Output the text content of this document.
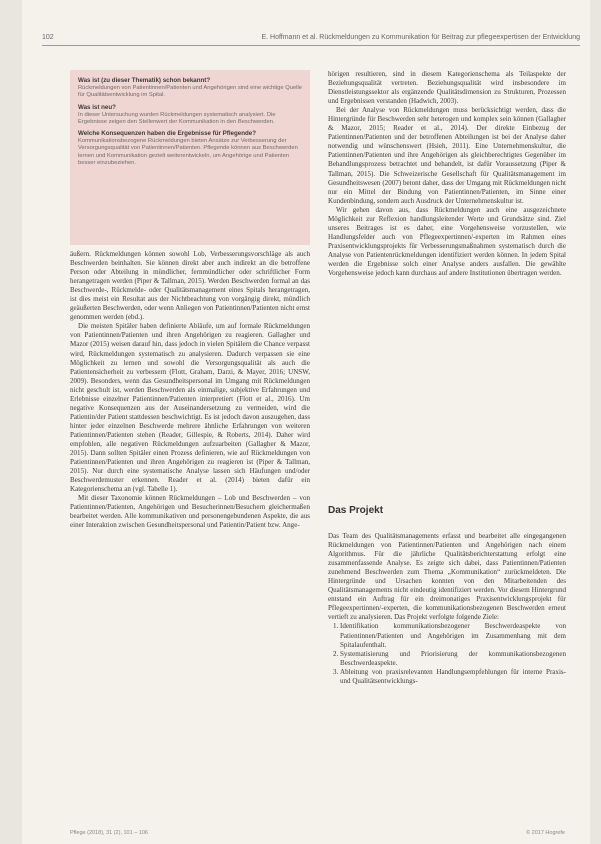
102	E. Hoffmann et al. Rückmeldungen zu Kommunikation für Beitrag zur pflegeexpertisen der Entwicklung

Was ist (zu dieser Thematik) schon bekannt?

Rückmeldungen von Patientinnen/Patienten und Angehörigen sind eine wichtige Quelle für Qualitätsentwicklung im Spital.

Was ist neu?

In dieser Untersuchung wurden Rückmeldungen systematisch analysiert. Die Ergebnisse zeigen den Stellenwert der Kommunikation in den Beschwerden.

Welche Konsequenzen haben die Ergebnisse für Pflegende?

Kommunikationsbezogene Rückmeldungen bieten Ansätze zur Verbesserung der Versorgungsqualität von Patientinnen/Patienten. Pflegende können aus Beschwerden lernen und Kommunikation gezielt weiterentwickeln, um Angehörige und Patienten besser einzubeziehen.

äußern. Rückmeldungen können sowohl Lob, Verbesserungsvorschläge als auch Beschwerden beinhalten. Sie können direkt aber auch indirekt an die betroffene Person oder Abteilung in mündlicher, fernmündlicher oder schriftlicher Form herangetragen werden (Piper & Tallman, 2015). Werden Beschwerden formal an das Beschwerde-, Rückmelde- oder Qualitätsmanagement eines Spitals herangetragen, ist dies meist ein Resultat aus der Nichtbeachtung von vorgängig direkt, mündlich geäußerten Beschwerden, oder wenn Anliegen von Patientinnen/Patienten nicht ernst genommen werden (ebd.).

Die meisten Spitäler haben definierte Abläufe, um auf formale Rückmeldungen von Patientinnen/Patienten und ihren Angehörigen zu reagieren. Gallagher und Mazor (2015) weisen darauf hin, dass jedoch in vielen Spitälern die Chance verpasst wird, Rückmeldungen systematisch zu analysieren. Dadurch verpassen sie eine Möglichkeit zu lernen und sowohl die Versorgungsqualität als auch die Patientensicherheit zu verbessern (Flott, Graham, Darzi, & Mayer, 2016; UNSW, 2009). Besonders, wenn das Gesundheitspersonal im Umgang mit Rückmeldungen nicht geschult ist, werden Beschwerden als einmalige, subjektive Erfahrungen und Erlebnisse einzelner Patientinnen/Patienten interpretiert (Flott et al., 2016). Um negative Konsequenzen aus der Auseinandersetzung zu vermeiden, wird die Patientin/der Patient stattdessen beschwichtigt. Es ist jedoch davon auszugehen, dass hinter jeder einzelnen Beschwerde mehrere ähnliche Erfahrungen von weiteren Patientinnen/Patienten stehen (Reader, Gillespie, & Roberts, 2014). Daher wird empfohlen, alle negativen Rückmeldungen aufzuarbeiten (Gallagher & Mazor, 2015). Dann sollten Spitäler einen Prozess definieren, wie auf Rückmeldungen von Patientinnen/Patienten und ihren Angehörigen zu reagieren ist (Piper & Tallman, 2015). Nur durch eine systematische Analyse lassen sich Häufungen und/oder Beschwerdemuster erkennen. Reader et al. (2014) bieten dafür ein Kategorienschema an (vgl. Tabelle 1).

Mit dieser Taxonomie können Rückmeldungen – Lob und Beschwerden – von Patientinnen/Patienten, Angehörigen und Besucherinnen/Besuchern gleichermaßen bearbeitet werden. Alle kommunikativen und personengebundenen Aspekte, die aus einer Interaktion zwischen Gesundheitspersonal und Patientin/Patient bzw. Ange-

hörigen resultieren, sind in diesem Kategorienschema als Teilaspekte der Beziehungsqualität vertreten. Beziehungsqualität wird insbesondere im Dienstleistungssektor als ergänzende Qualitätsdimension zu Strukturen, Prozessen und Ergebnissen verstanden (Hadwich, 2003).

Bei der Analyse von Rückmeldungen muss berücksichtigt werden, dass die Hintergründe für Beschwerden sehr heterogen und komplex sein können (Gallagher & Mazor, 2015; Reader et al., 2014). Der direkte Einbezug der Patientinnen/Patienten und der betroffenen Abteilungen ist bei der Analyse daher notwendig und wünschenswert (Hsieh, 2011). Eine Unternehmenskultur, die Patientinnen/Patienten und ihre Angehörigen als gleichberechtigtes Gegenüber im Behandlungsprozess betrachtet und behandelt, ist dafür Voraussetzung (Piper & Tallman, 2015). Die Schweizerische Gesellschaft für Qualitätsmanagement im Gesundheitswesen (2007) betont daher, dass der Umgang mit Rückmeldungen nicht nur ein Mittel der Bindung von Patientinnen/Patienten, im Sinne einer Kundenbindung, sondern auch Ausdruck der Unternehmenskultur ist.

Wir gehen davon aus, dass Rückmeldungen auch eine ausgezeichnete Möglichkeit zur Reflexion handlungsleitender Werte und Grundsätze sind. Ziel unseres Beitrages ist es daher, eine Vorgehensweise vorzustellen, wie Handlungsfelder auch von Pflegeexpertinnen/-experten im Rahmen eines Praxisentwicklungsprojekts für Verbesserungsmaßnahmen systematisch durch die Analyse von Patientenrückmeldungen identifiziert werden können. In jedem Spital werden die Ergebnisse solch einer Analyse anders ausfallen. Die gewählte Vorgehensweise jedoch kann durchaus auf andere Institutionen übertragen werden.

Das Projekt

Das Team des Qualitätsmanagements erfasst und bearbeitet alle eingegangenen Rückmeldungen von Patientinnen/Patienten und Angehörigen nach einem Algorithmus. Für die jährliche Qualitätsberichterstattung erfolgt eine zusammenfassende Analyse. Es zeigte sich dabei, dass Patientinnen/Patienten zunehmend Beschwerden zum Thema „Kommunikation“ zurückmeldeten. Die Hintergründe und Ursachen konnten von den Mitarbeitenden des Qualitätsmanagements nicht eindeutig identifiziert werden. Vor diesem Hintergrund entstand ein Auftrag für ein dreimonatiges Praxisentwicklungsprojekt für Pflegeexpertinnen/-experten, die kommunikationsbezogenen Beschwerden erneut vertieft zu analysieren. Das Projekt verfolgte folgende Ziele:

1. Identifikation kommunikationsbezogener Beschwerdeaspekte von Patientinnen/Patienten und Angehörigen im Zusammenhang mit dem Spitalaufenthalt.
2. Systematisierung und Priorisierung der kommunikationsbezogenen Beschwerdeaspekte.
3. Ableitung von praxisrelevanten Handlungsempfehlungen für interne Praxis- und Qualitätsentwicklungs-
Pflege (2018), 31 (2), 101 – 106	© 2017 Hogrefe
